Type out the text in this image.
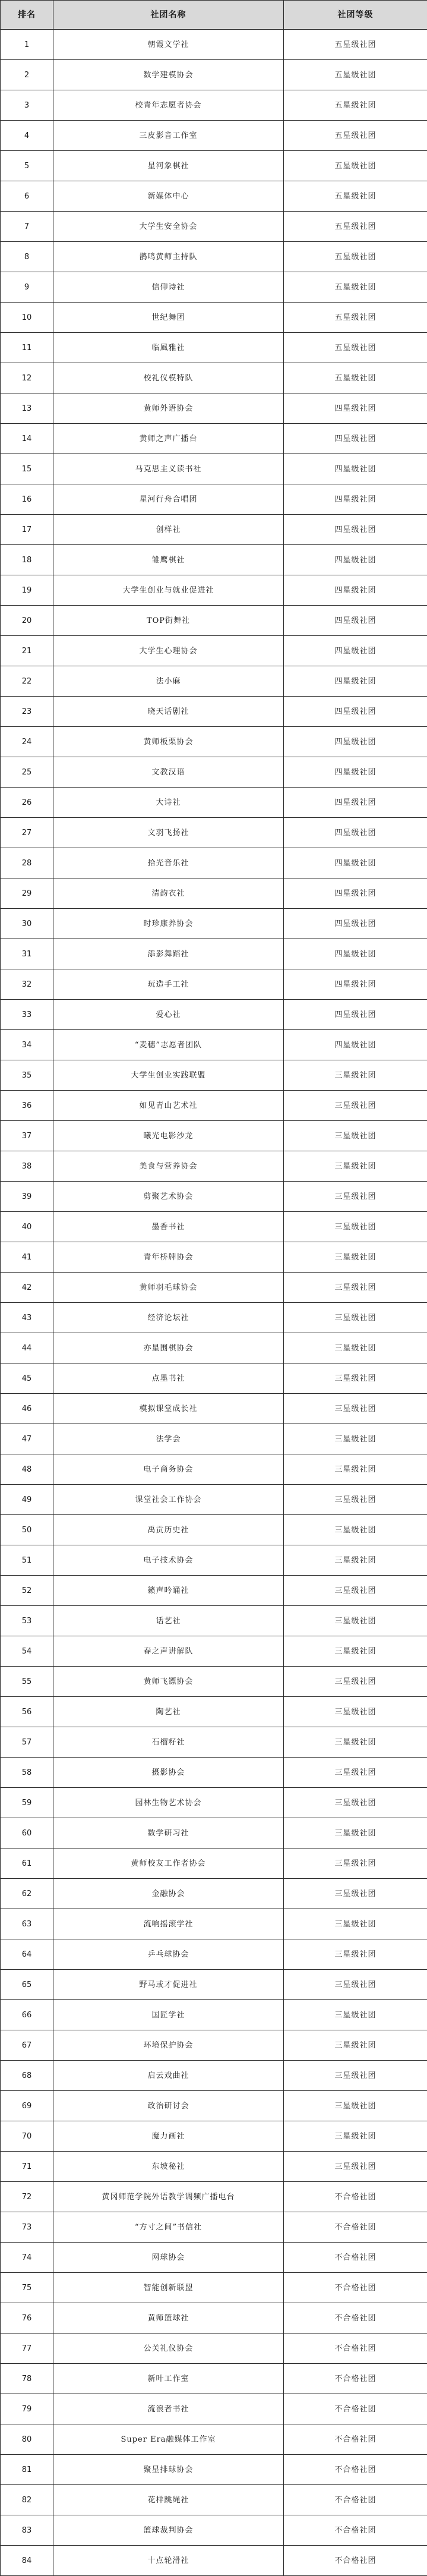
排名	社团名称	社团等级
1	朝霞文学社	五星级社团
2	数学建模协会	五星级社团
3	校青年志愿者协会	五星级社团
4	三皮影音工作室	五星级社团
5	星河象棋社	五星级社团
6	新媒体中心	五星级社团
7	大学生安全协会	五星级社团
8	鹊鸣黄师主持队	五星级社团
9	信仰诗社	五星级社团
10	世纪舞团	五星级社团
11	临風雅社	五星级社团
12	校礼仪模特队	五星级社团
13	黄师外语协会	四星级社团
14	黄师之声广播台	四星级社团
15	马克思主义读书社	四星级社团
16	星河行舟合唱团	四星级社团
17	创样社	四星级社团
18	雏鹰棋社	四星级社团
19	大学生创业与就业促进社	四星级社团
20	TOP街舞社	四星级社团
21	大学生心理协会	四星级社团
22	法小麻	四星级社团
23	晓天话剧社	四星级社团
24	黄师板栗协会	四星级社团
25	文教汉语	四星级社团
26	大诗社	四星级社团
27	文羽飞扬社	四星级社团
28	拾光音乐社	四星级社团
29	清韵衣社	四星级社团
30	时珍康养协会	四星级社团
31	添影舞蹈社	四星级社团
32	玩造手工社	四星级社团
33	爱心社	四星级社团
34	“麦穗”志愿者团队	四星级社团
35	大学生创业实践联盟	三星级社团
36	如见青山艺术社	三星级社团
37	曦光电影沙龙	三星级社团
38	美食与营养协会	三星级社团
39	剪聚艺术协会	三星级社团
40	墨香书社	三星级社团
41	青年桥牌协会	三星级社团
42	黄师羽毛球协会	三星级社团
43	经济论坛社	三星级社团
44	亦星围棋协会	三星级社团
45	点墨书社	三星级社团
46	模拟课堂成长社	三星级社团
47	法学会	三星级社团
48	电子商务协会	三星级社团
49	课堂社会工作协会	三星级社团
50	禹贡历史社	三星级社团
51	电子技术协会	三星级社团
52	籁声吟诵社	三星级社团
53	话艺社	三星级社团
54	春之声讲解队	三星级社团
55	黄师飞镖协会	三星级社团
56	陶艺社	三星级社团
57	石榴籽社	三星级社团
58	摄影协会	三星级社团
59	园林生物艺术协会	三星级社团
60	数学研习社	三星级社团
61	黄师校友工作者协会	三星级社团
62	金融协会	三星级社团
63	流响摇滚学社	三星级社团
64	乒乓球协会	三星级社团
65	野马或才促进社	三星级社团
66	国匠学社	三星级社团
67	环境保护协会	三星级社团
68	启云戏曲社	三星级社团
69	政治研讨会	三星级社团
70	魔力画社	三星级社团
71	东坡秘社	三星级社团
72	黄冈师范学院外语教学调频广播电台	不合格社团
73	“方寸之间”书信社	不合格社团
74	网球协会	不合格社团
75	智能创新联盟	不合格社团
76	黄师篮球社	不合格社团
77	公关礼仪协会	不合格社团
78	新叶工作室	不合格社团
79	流浪者书社	不合格社团
80	Super Era融媒体工作室	不合格社团
81	聚星排球协会	不合格社团
82	花样跳绳社	不合格社团
83	篮球裁判协会	不合格社团
84	十点轮滑社	不合格社团
